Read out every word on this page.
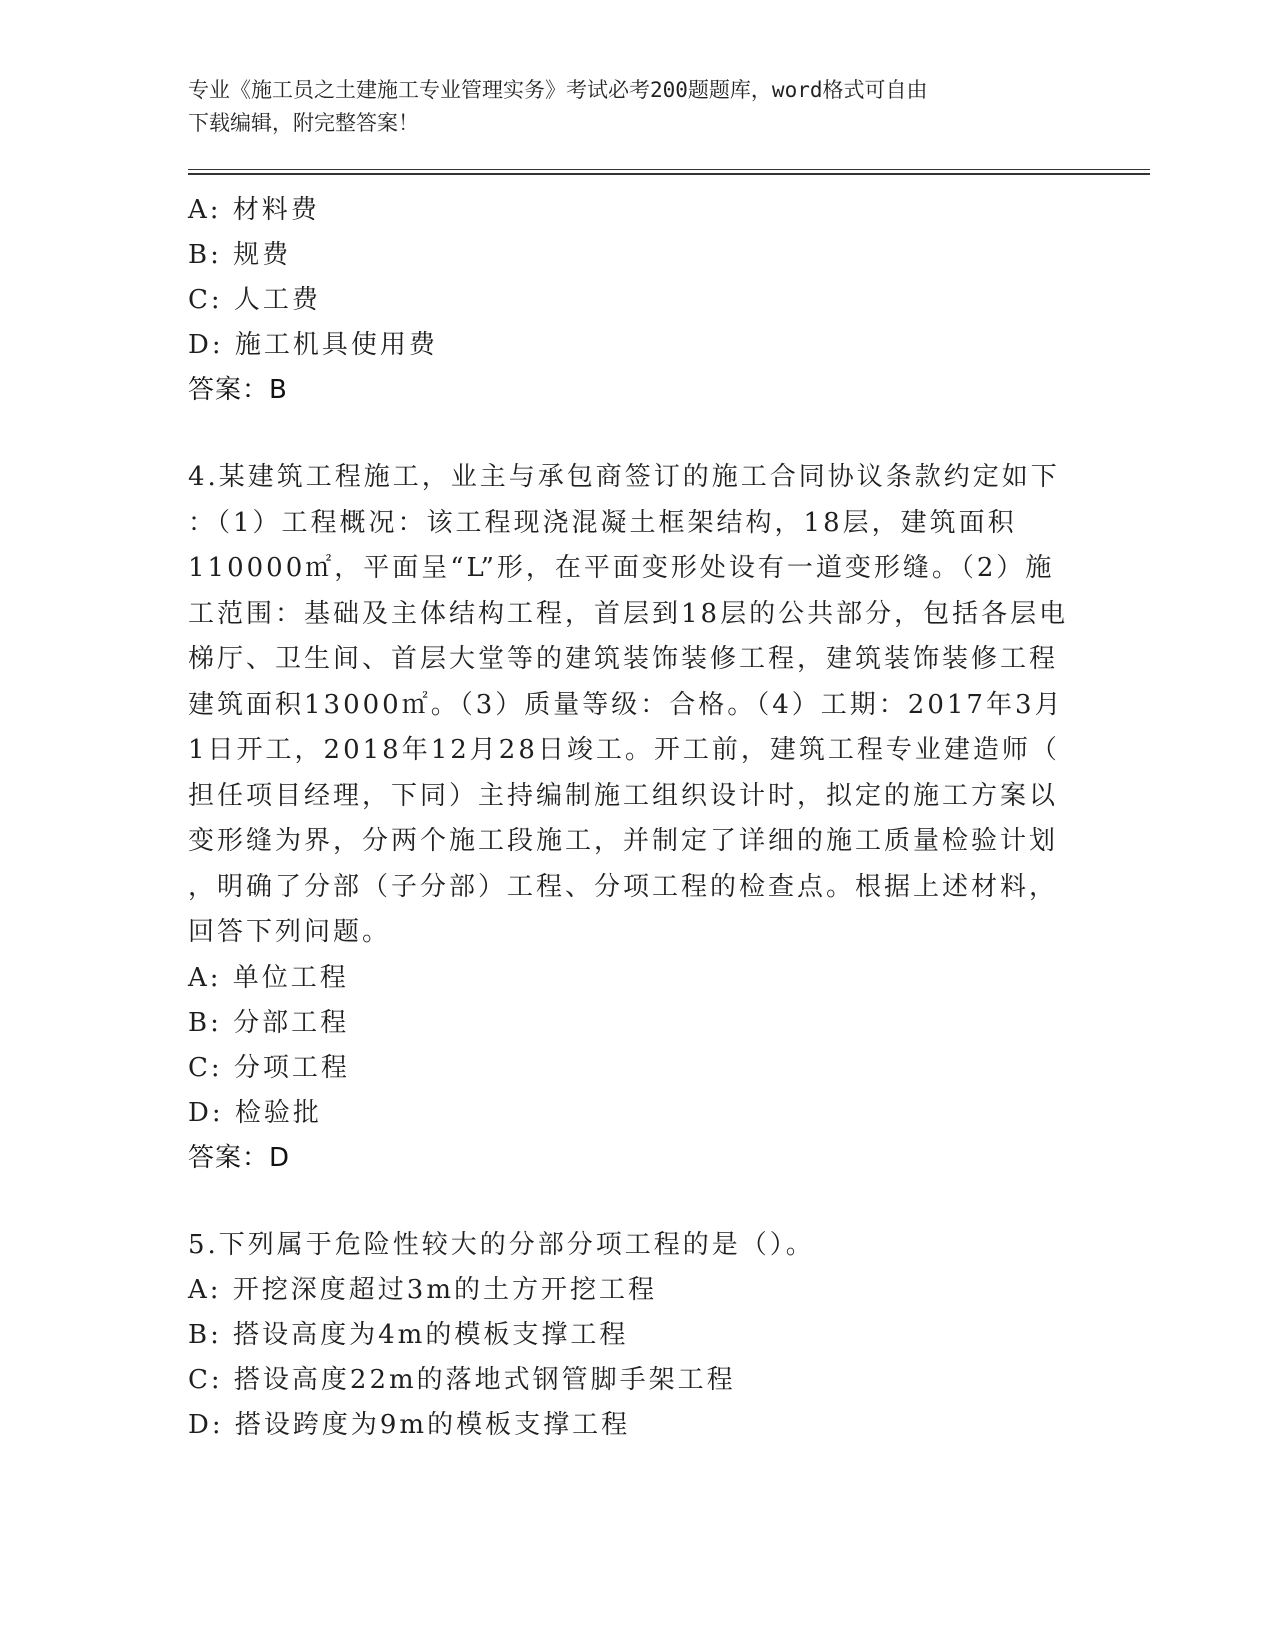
专业《施工员之土建施工专业管理实务》考试必考200题题库，word格式可自由
下载编辑，附完整答案！
A: 材料费
B: 规费
C: 人工费
D: 施工机具使用费
答案：B
4.某建筑工程施工，业主与承包商签订的施工合同协议条款约定如下
：（1）工程概况：该工程现浇混凝土框架结构，18层，建筑面积
110000㎡，平面呈“L”形，在平面变形处设有一道变形缝。（2）施
工范围：基础及主体结构工程，首层到18层的公共部分，包括各层电
梯厅、卫生间、首层大堂等的建筑装饰装修工程，建筑装饰装修工程
建筑面积13000㎡。（3）质量等级：合格。（4）工期：2017年3月
1日开工，2018年12月28日竣工。开工前，建筑工程专业建造师（
担任项目经理，下同）主持编制施工组织设计时，拟定的施工方案以
变形缝为界，分两个施工段施工，并制定了详细的施工质量检验计划
，明确了分部（子分部）工程、分项工程的检查点。根据上述材料，
回答下列问题。
A: 单位工程
B: 分部工程
C: 分项工程
D: 检验批
答案：D
5.下列属于危险性较大的分部分项工程的是（）。
A: 开挖深度超过3m的土方开挖工程
B: 搭设高度为4m的模板支撑工程
C: 搭设高度22m的落地式钢管脚手架工程
D: 搭设跨度为9m的模板支撑工程
